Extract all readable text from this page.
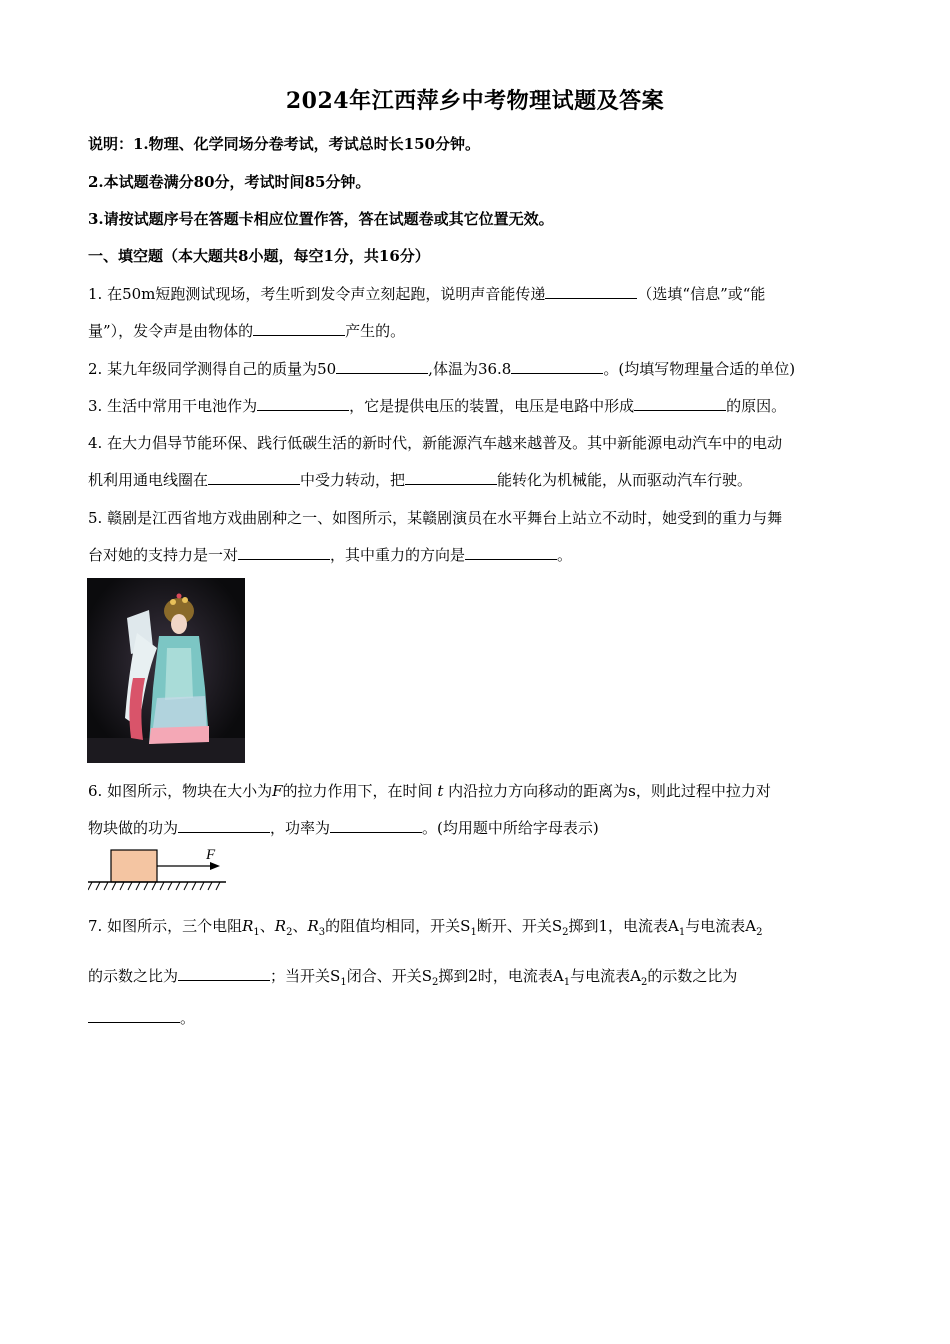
2024年江西萍乡中考物理试题及答案
说明：1.物理、化学同场分卷考试，考试总时长150分钟。
2.本试题卷满分80分，考试时间85分钟。
3.请按试题序号在答题卡相应位置作答，答在试题卷或其它位置无效。
一、填空题（本大题共8小题，每空1分，共16分）
1. 在50m短跑测试现场，考生听到发令声立刻起跑，说明声音能传递	（选填“信息”或“能
量”），发令声是由物体的	产生的。
2. 某九年级同学测得自己的质量为50	,体温为36.8	。(均填写物理量合适的单位)
3. 生活中常用干电池作为	，它是提供电压的装置，电压是电路中形成	的原因。
4. 在大力倡导节能环保、践行低碳生活的新时代，新能源汽车越来越普及。其中新能源电动汽车中的电动
机利用通电线圈在	中受力转动，把	能转化为机械能，从而驱动汽车行驶。
5. 赣剧是江西省地方戏曲剧种之一、如图所示，某赣剧演员在水平舞台上站立不动时，她受到的重力与舞
台对她的支持力是一对	，其中重力的方向是	。
6. 如图所示，物块在大小为F的拉力作用下，在时间 t 内沿拉力方向移动的距离为s，则此过程中拉力对
物块做的功为	，功率为	。(均用题中所给字母表示)
F
7. 如图所示，三个电阻$R_1$、$R_2$、$R_3$的阻值均相同，开关$S_1$断开、开关$S_2$掷到1，电流表$A_1$与电流表$A_2$
的示数之比为	；当开关$S_1$闭合、开关$S_2$掷到2时，电流表$A_1$与电流表$A_2$的示数之比为
。
